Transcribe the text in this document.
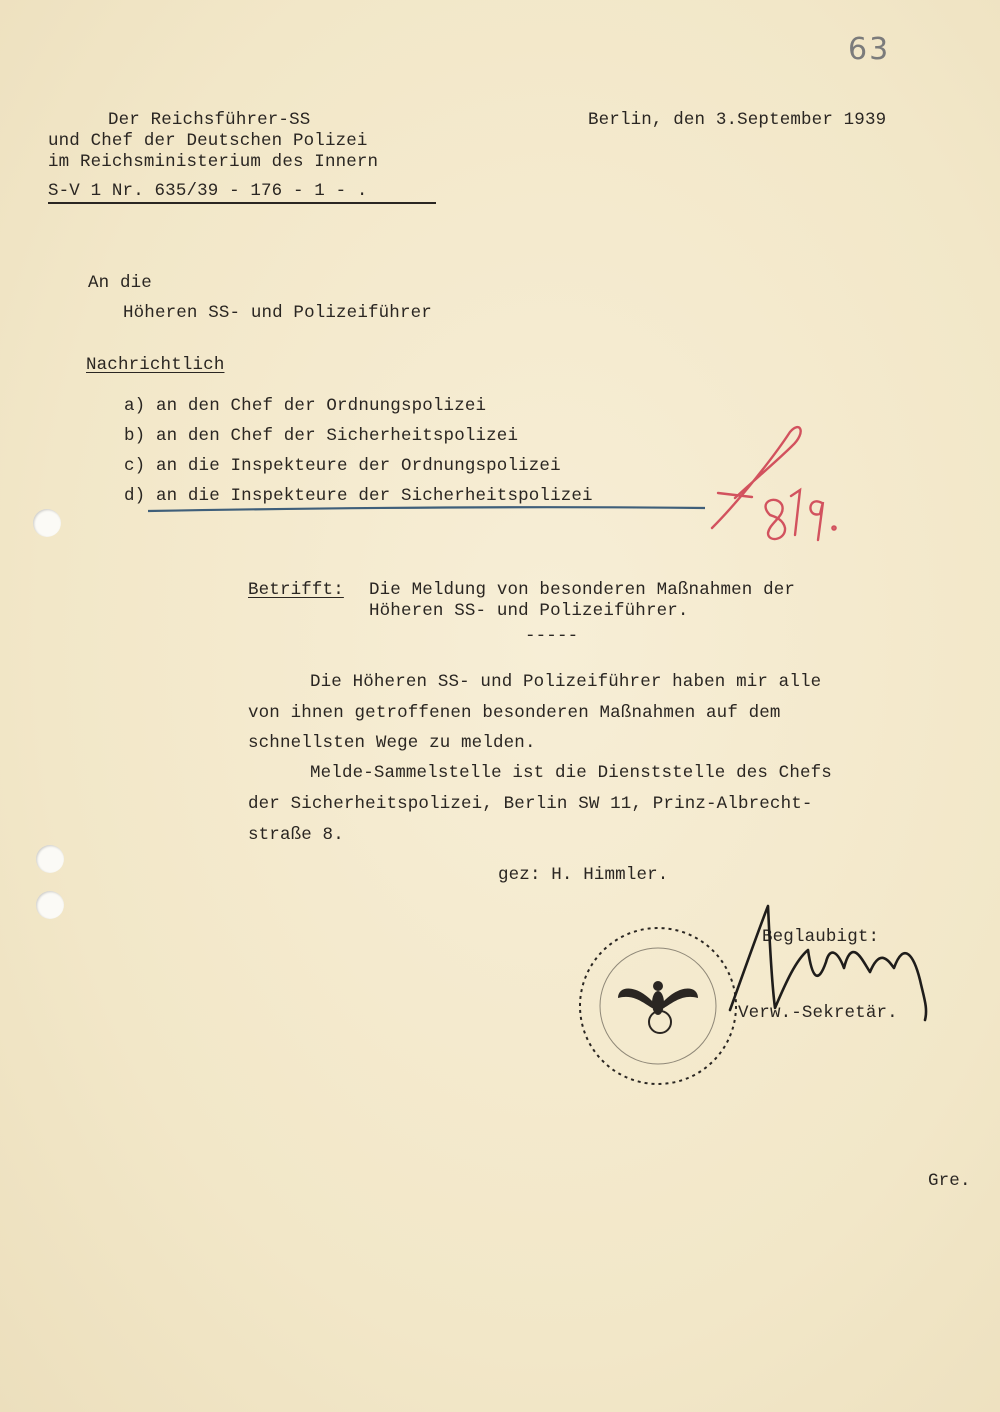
63
Der Reichsführer-SS
und Chef der Deutschen Polizei
im Reichsministerium des Innern
S-V 1 Nr. 635/39 - 176 - 1 - .
Berlin, den 3.September 1939
An die
Höheren SS- und Polizeiführer
Nachrichtlich
a) an den Chef der Ordnungspolizei
b) an den Chef der Sicherheitspolizei
c) an die Inspekteure der Ordnungspolizei
d) an die Inspekteure der Sicherheitspolizei
Betrifft: Die Meldung von besonderen Maßnahmen der
Höheren SS- und Polizeiführer.
-----
Die Höheren SS- und Polizeiführer haben mir alle
von ihnen getroffenen besonderen Maßnahmen auf dem
schnellsten Wege zu melden.
Melde-Sammelstelle ist die Dienststelle des Chefs
der Sicherheitspolizei, Berlin SW 11, Prinz-Albrecht-
straße 8.
gez: H. Himmler.
Beglaubigt:
Verw.-Sekretär.
Gre.
